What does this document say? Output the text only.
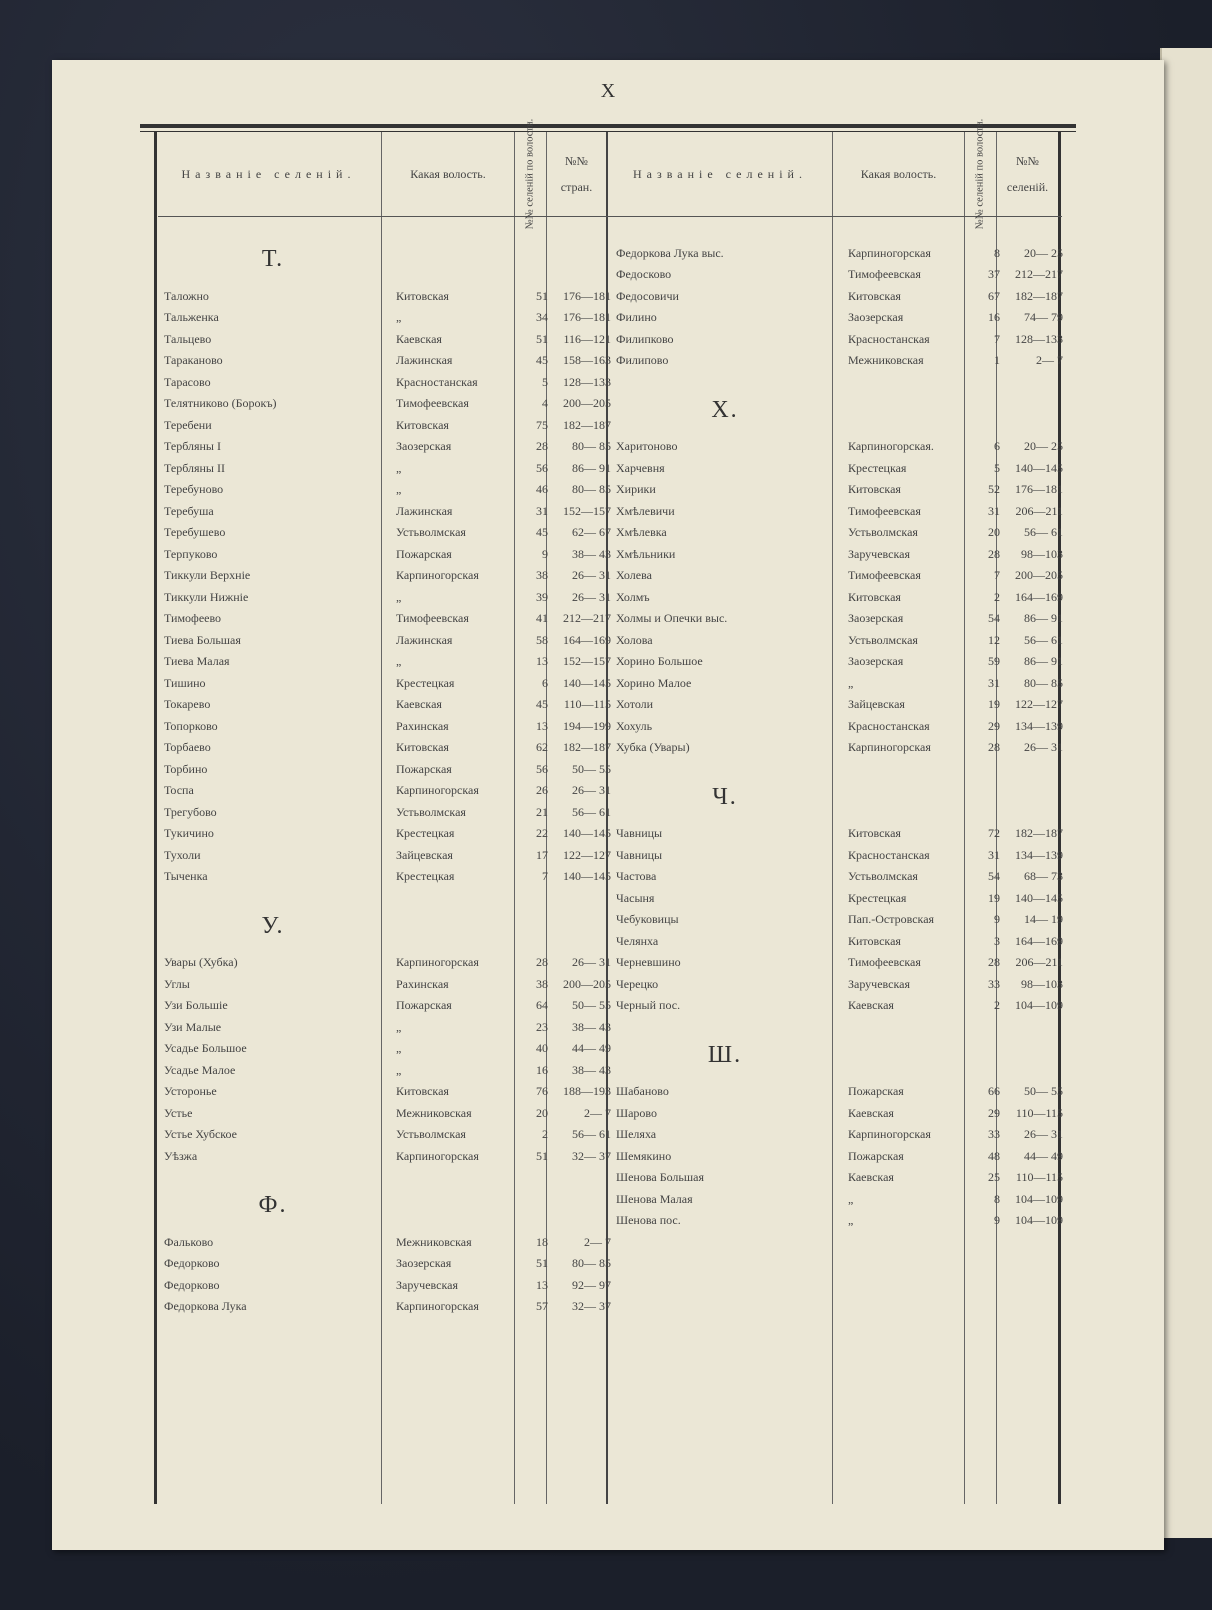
X
Названіе селеній.	Какая волость.	№№ селеній по волости. №№
стран.
Названіе селеній.	Какая волость.	№№ селеній по волости.	№№
селеній.
Т.
Таложно	Китовская	51	176—181
Тальженка	„	34	176—181
Тальцево	Каевская	51	116—121
Тараканово	Лажинская	45	158—163
Тарасово	Красностанская	5	128—133
Телятниково (Борокъ)	Тимофеевская	4	200—205
Теребени	Китовская	75	182—187
Тербляны I	Заозерская	28	80— 85
Тербляны II	„	56	86— 91
Теребуново	„	46	80— 85
Теребуша	Лажинская	31	152—157
Теребушево	Устьволмская	45	62— 67
Терпуково	Пожарская	9	38— 43
Тиккули Верхніе	Карпиногорская	38	26— 31
Тиккули Нижніе	„	39	26— 31
Тимофеево	Тимофеевская	41	212—217
Тиева Большая	Лажинская	58	164—169
Тиева Малая	„	13	152—157
Тишино	Крестецкая	6	140—145
Токарево	Каевская	45	110—115
Топорково	Рахинская	13	194—199
Торбаево	Китовская	62	182—187
Торбино	Пожарская	56	50— 55
Тоспа	Карпиногорская	26	26— 31
Трегубово	Устьволмская	21	56— 61
Тукичино	Крестецкая	22	140—145
Тухоли	Зайцевская	17	122—127
Тыченка	Крестецкая	7	140—145
У.
Увары (Хубка)	Карпиногорская	28	26— 31
Углы	Рахинская	38	200—205
Узи Большіе	Пожарская	64	50— 55
Узи Малые	„	23	38— 43
Усадье Большое	„	40	44— 49
Усадье Малое	„	16	38— 43
Устоpонье	Китовская	76	188—193
Устье	Межниковская	20	2— 7
Устье Хубское	Устьволмская	2	56— 61
Уѣзжа	Карпиногорская	51	32— 37
Ф.
Фальково	Межниковская	18	2— 7
Федорково	Заозерская	51	80— 85
Федорково	Заручевская	13	92— 97
Федоркова Лука	Карпиногорская	57	32— 37
Федоркова Лука выс.	Карпиногорская	8	20— 25
Федосково	Тимофеевская	37	212—217
Федосовичи	Китовская	67	182—187
Филино	Заозерская	16	74— 79
Филипково	Красностанская	7	128—133
Филипово	Межниковская	1	2— 7
Х.
Харитоново	Карпиногорская.	6	20— 25
Харчевня	Крестецкая	5	140—145
Хирики	Китовская	52	176—181
Хмѣлевичи	Тимофеевская	31	206—211
Хмѣлевка	Устьволмская	20	56— 61
Хмѣльники	Заручевская	28	98—103
Холева	Тимофеевская	7	200—205
Холмъ	Китовская	2	164—169
Холмы и Опечки выс.	Заозерская	54	86— 91
Холова	Устьволмская	12	56— 61
Хорино Большое	Заозерская	59	86— 91
Хорино Малое	„	31	80— 85
Хотоли	Зайцевская	19	122—127
Хохуль	Красностанская	29	134—139
Хубка (Увары)	Карпиногорская	28	26— 31
Ч.
Чавницы	Китовская	72	182—187
Чавницы	Красностанская	31	134—139
Частова	Устьволмская	54	68— 73
Часыня	Крестецкая	19	140—145
Чебуковицы	Пап.-Островская	9	14— 19
Челянха	Китовская	3	164—169
Черневшино	Тимофеевская	28	206—211
Черецко	Заручевская	33	98—103
Черный пос.	Каевская	2	104—109
Ш.
Шабаново	Пожарская	66	50— 55
Шарово	Каевская	29	110—115
Шеляха	Карпиногорская	33	26— 31
Шемякино	Пожарская	48	44— 49
Шенова Большая	Каевская	25	110—115
Шенова Малая	„	8	104—109
Шенова пос.	„	9	104—109
